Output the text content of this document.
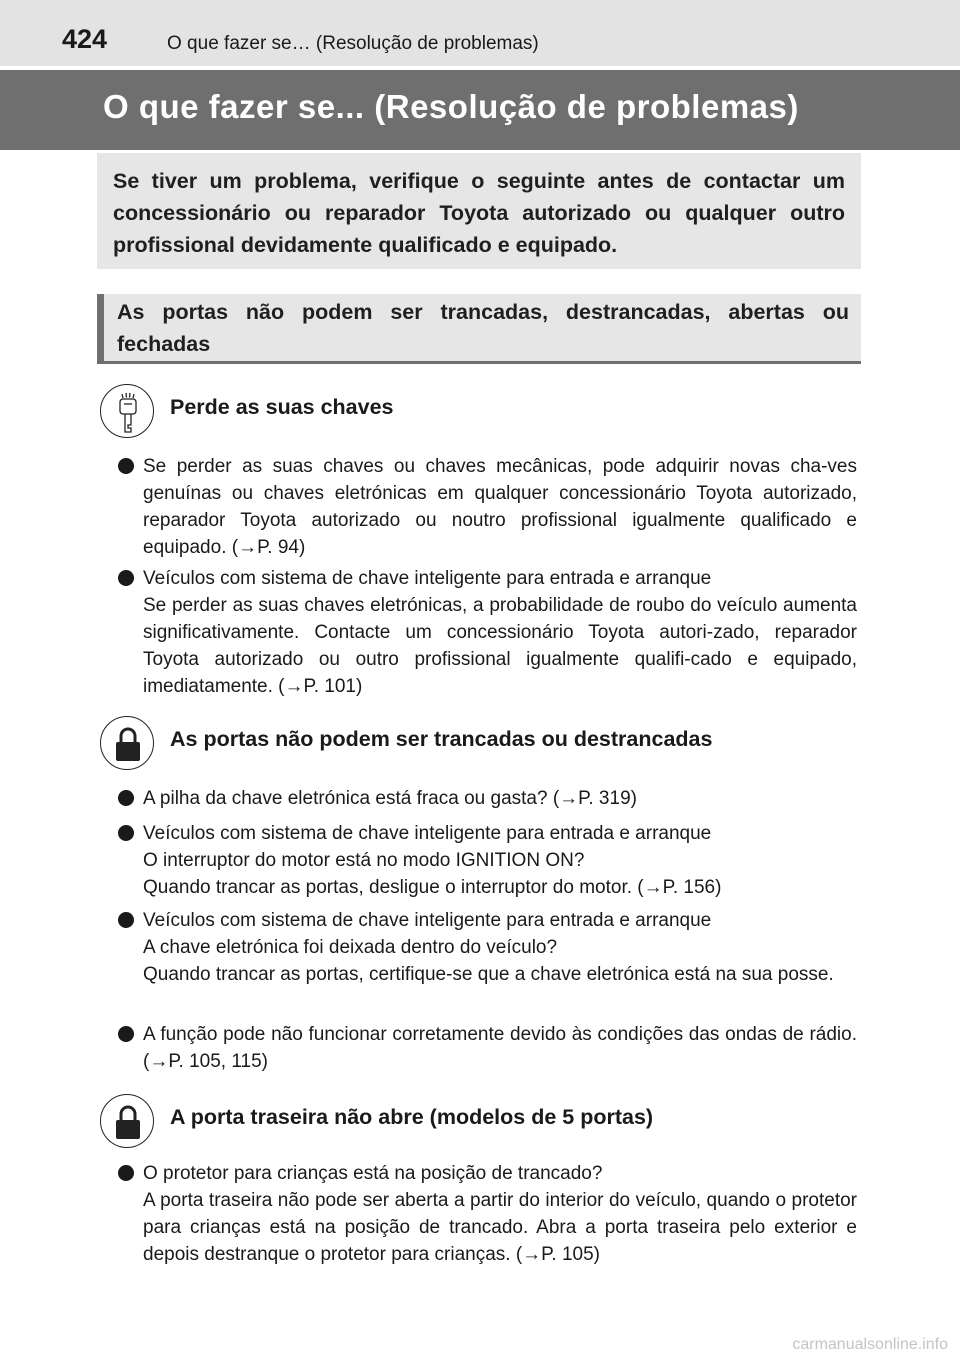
424	O que fazer se… (Resolução de problemas)
O que fazer se... (Resolução de problemas)
Se tiver um problema, verifique o seguinte antes de contactar um concessionário ou reparador Toyota autorizado ou qualquer outro profissional devidamente qualificado e equipado.
As portas não podem ser trancadas, destrancadas, abertas ou fechadas
Perde as suas chaves
Se perder as suas chaves ou chaves mecânicas, pode adquirir novas cha-ves genuínas ou chaves eletrónicas em qualquer concessionário Toyota autorizado, reparador Toyota autorizado ou noutro profissional igualmente qualificado e equipado. (→P. 94)
Veículos com sistema de chave inteligente para entrada e arranque
Se perder as suas chaves eletrónicas, a probabilidade de roubo do veículo aumenta significativamente. Contacte um concessionário Toyota autori-zado, reparador Toyota autorizado ou outro profissional igualmente qualifi-cado e equipado, imediatamente. (→P. 101)
As portas não podem ser trancadas ou destrancadas
A pilha da chave eletrónica está fraca ou gasta? (→P. 319)
Veículos com sistema de chave inteligente para entrada e arranque
O interruptor do motor está no modo IGNITION ON?
Quando trancar as portas, desligue o interruptor do motor. (→P. 156)
Veículos com sistema de chave inteligente para entrada e arranque
A chave eletrónica foi deixada dentro do veículo?
Quando trancar as portas, certifique-se que a chave eletrónica está na sua posse.
A função pode não funcionar corretamente devido às condições das ondas de rádio. (→P. 105, 115)
A porta traseira não abre (modelos de 5 portas)
O protetor para crianças está na posição de trancado?
A porta traseira não pode ser aberta a partir do interior do veículo, quando o protetor para crianças está na posição de trancado. Abra a porta traseira pelo exterior e depois destranque o protetor para crianças. (→P. 105)
carmanualsonline.info
